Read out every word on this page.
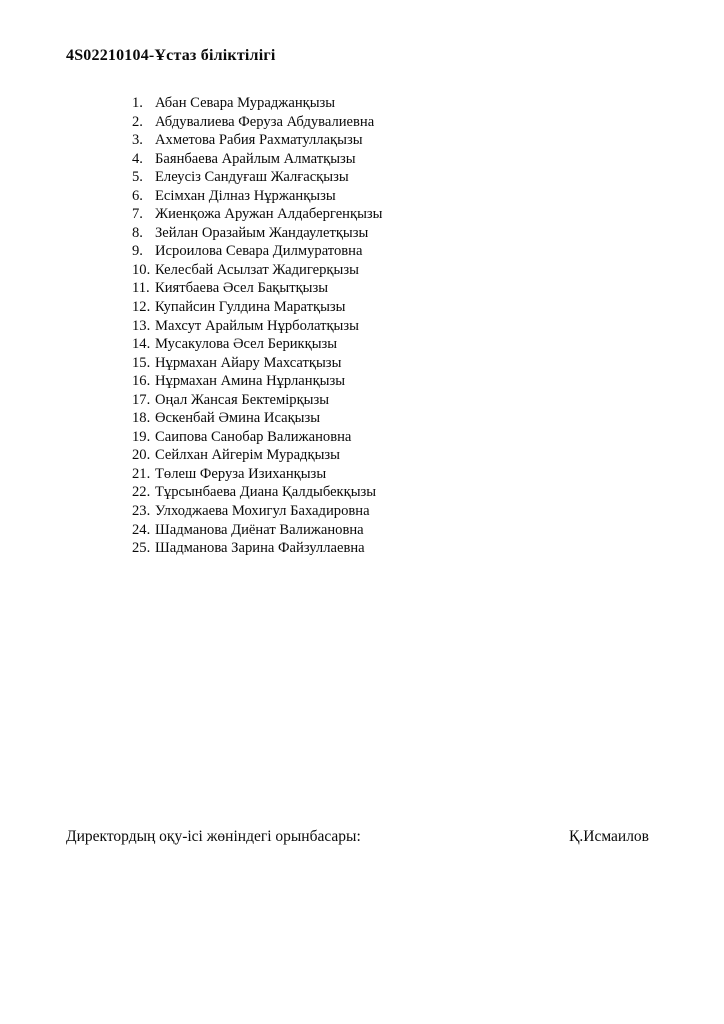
4S02210104-Ұстаз біліктілігі
1. Абан Севара Мураджанқызы
2. Абдувалиева Феруза Абдувалиевна
3. Ахметова Рабия Рахматуллақызы
4. Баянбаева Арайлым Алматқызы
5. Елеусіз Сандуғаш Жалғасқызы
6. Есімхан Ділназ Нұржанқызы
7. Жиенқожа Аружан Алдабергенқызы
8. Зейлан Оразайым Жандаулетқызы
9. Исроилова Севара Дилмуратовна
10. Келесбай Асылзат Жадигерқызы
11. Киятбаева Әсел Бақытқызы
12. Купайсин Гулдина Маратқызы
13. Махсут Арайлым Нұрболатқызы
14. Мусакулова Әсел Берикқызы
15. Нұрмахан Айару Махсатқызы
16. Нұрмахан Амина Нұрланқызы
17. Оңал Жансая Бектемірқызы
18. Өскенбай Әмина Исақызы
19. Саипова Санобар Валижановна
20. Сейлхан Айгерім Мурадқызы
21. Төлеш Феруза Изиханқызы
22. Тұрсынбаева Диана Қалдыбекқызы
23. Улходжаева Мохигул Бахадировна
24. Шадманова Диёнат Валижановна
25. Шадманова Зарина Файзуллаевна
Директордың оқу-ісі жөніндегі орынбасары:	Қ.Исмаилов
